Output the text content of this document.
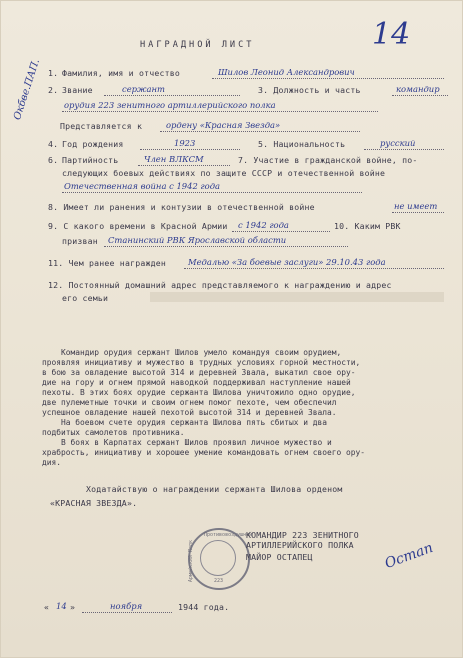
14
НАГРАДНОЙ ЛИСТ
Окбве.ПАП. 1. Фамилия, имя и отчество	Шилов Леонид Александрович
2. Звание	сержант	3. Должность и часть	командир
орудия 223 зенитного артиллерийского полка
Представляется к	ордену «Красная Звезда»
4. Год рождения	1923	5. Национальность	русский
6. Партийность	Член ВЛКСМ	7. Участие в гражданской войне, по-
следующих боевых действиях по защите СССР и отечественной войне
Отечественная война с 1942 года
8. Имеет ли ранения и контузии в отечественной войне	не имеет
9. С какого времени в Красной Армии с 1942 года	10. Каким РВК
призван Станинский РВК Ярославской области
11. Чем ранее награжден	Медалью «За боевые заслуги» 29.10.43 года
12. Постоянный домашний адрес представляемого к награждению и адрес
его семьи
Командир орудия сержант Шилов умело командуя своим орудием,
проявляя инициативу и мужество в трудных условиях горной местности,
в бою за овладение высотой 314 и деревней Звала, выкатил свое ору-
дие на гору и огнем прямой наводкой поддерживал наступление нашей
пехоты. В этих боях орудие сержанта Шилова уничтожило одно орудие,
две пулеметные точки и своим огнем помог пехоте, чем обеспечил
успешное овладение нашей пехотой высотой 314 и деревней Звала.
На боевом счете орудия сержанта Шилова пять сбитых и два
подбитых самолетов противника.
В боях в Карпатах сержант Шилов проявил личное мужество и
храбрость, инициативу и хорошее умение командовать огнем своего ору-
дия.
Ходатайствую о награждении сержанта Шилова орденом
«КРАСНАЯ ЗВЕЗДА».
Противовоздушной
Армейский Полк	223
КОМАНДИР 223 ЗЕНИТНОГО
АРТИЛЛЕРИЙСКОГО ПОЛКА
МАЙОР ОСТАПЕЦ	Остап
« 14 »	ноября	1944 года.
